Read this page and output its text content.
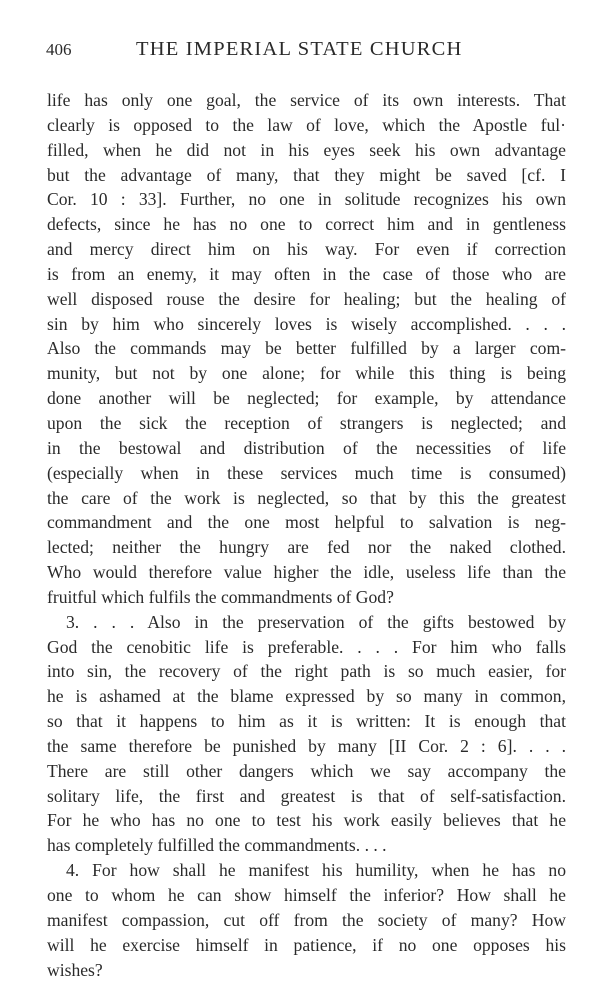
406	THE IMPERIAL STATE CHURCH
life has only one goal, the service of its own interests. That
clearly is opposed to the law of love, which the Apostle ful·
filled, when he did not in his eyes seek his own advantage
but the advantage of many, that they might be saved [cf. I
Cor. 10 : 33]. Further, no one in solitude recognizes his own
defects, since he has no one to correct him and in gentleness
and mercy direct him on his way. For even if correction
is from an enemy, it may often in the case of those who are
well disposed rouse the desire for healing; but the healing of
sin by him who sincerely loves is wisely accomplished. . . .
Also the commands may be better fulfilled by a larger com-
munity, but not by one alone; for while this thing is being
done another will be neglected; for example, by attendance
upon the sick the reception of strangers is neglected; and
in the bestowal and distribution of the necessities of life
(especially when in these services much time is consumed)
the care of the work is neglected, so that by this the greatest
commandment and the one most helpful to salvation is neg-
lected; neither the hungry are fed nor the naked clothed.
Who would therefore value higher the idle, useless life than the
fruitful which fulfils the commandments of God?
3. . . . Also in the preservation of the gifts bestowed by
God the cenobitic life is preferable. . . . For him who falls
into sin, the recovery of the right path is so much easier, for
he is ashamed at the blame expressed by so many in common,
so that it happens to him as it is written: It is enough that
the same therefore be punished by many [II Cor. 2 : 6]. . . .
There are still other dangers which we say accompany the
solitary life, the first and greatest is that of self-satisfaction.
For he who has no one to test his work easily believes that he
has completely fulfilled the commandments. . . .
4. For how shall he manifest his humility, when he has no
one to whom he can show himself the inferior? How shall he
manifest compassion, cut off from the society of many? How
will he exercise himself in patience, if no one opposes his
wishes?
